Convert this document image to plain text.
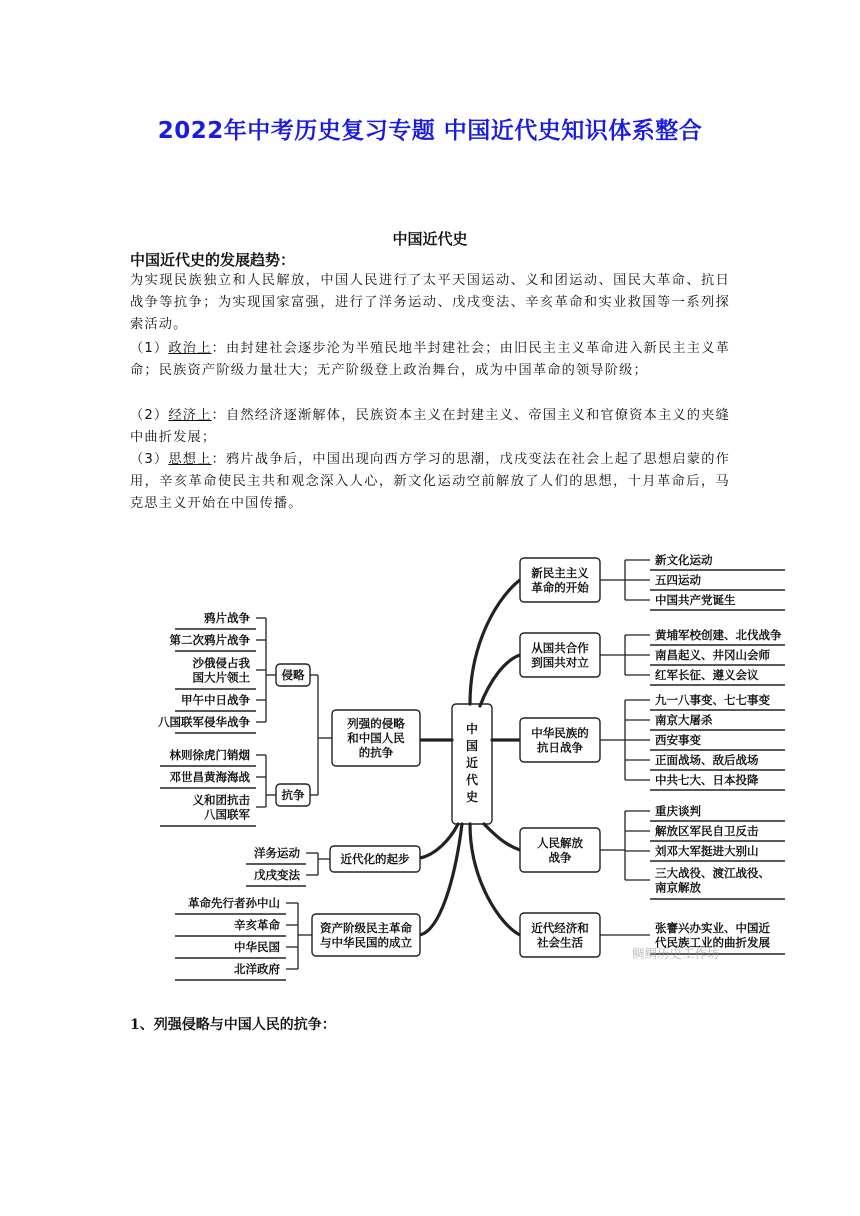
2022年中考历史复习专题 中国近代史知识体系整合
中国近代史
中国近代史的发展趋势：

为实现民族独立和人民解放，中国人民进行了太平天国运动、义和团运动、国民大革命、抗日战争等抗争；为实现国家富强，进行了洋务运动、戊戌变法、辛亥革命和实业救国等一系列探索活动。

（1）政治上：由封建社会逐步沦为半殖民地半封建社会；由旧民主主义革命进入新民主主义革命；民族资产阶级力量壮大；无产阶级登上政治舞台，成为中国革命的领导阶级；

（2）经济上：自然经济逐渐解体，民族资本主义在封建主义、帝国主义和官僚资本主义的夹缝中曲折发展；

（3）思想上：鸦片战争后，中国出现向西方学习的思潮，戊戌变法在社会上起了思想启蒙的作用，辛亥革命使民主共和观念深入人心，新文化运动空前解放了人们的思想，十月革命后，马克思主义开始在中国传播。

中
国
近
代
史
新民主主义
革命的开始
新文化运动
五四运动
中国共产党诞生
从国共合作
到国共对立
黄埔军校创建、北伐战争
南昌起义、井冈山会师
红军长征、遵义会议
中华民族的
抗日战争
九一八事变、七七事变
南京大屠杀
西安事变
正面战场、敌后战场
中共七大、日本投降
人民解放
战争
重庆谈判
解放区军民自卫反击
刘邓大军挺进大别山
三大战役、渡江战役、
南京解放
近代经济和
社会生活
张謇兴办实业、中国近
代民族工业的曲折发展
列强的侵略
和中国人民
的抗争
侵略
抗争
鸦片战争
第二次鸦片战争
沙俄侵占我
国大片领土
甲午中日战争
八国联军侵华战争
林则徐虎门销烟
邓世昌黄海海战
义和团抗击
八国联军
近代化的起步
洋务运动
戊戌变法
资产阶级民主革命
与中华民国的成立
革命先行者孙中山
辛亥革命
中华民国
北洋政府
鲷鲷历史工作坊
1、列强侵略与中国人民的抗争：
